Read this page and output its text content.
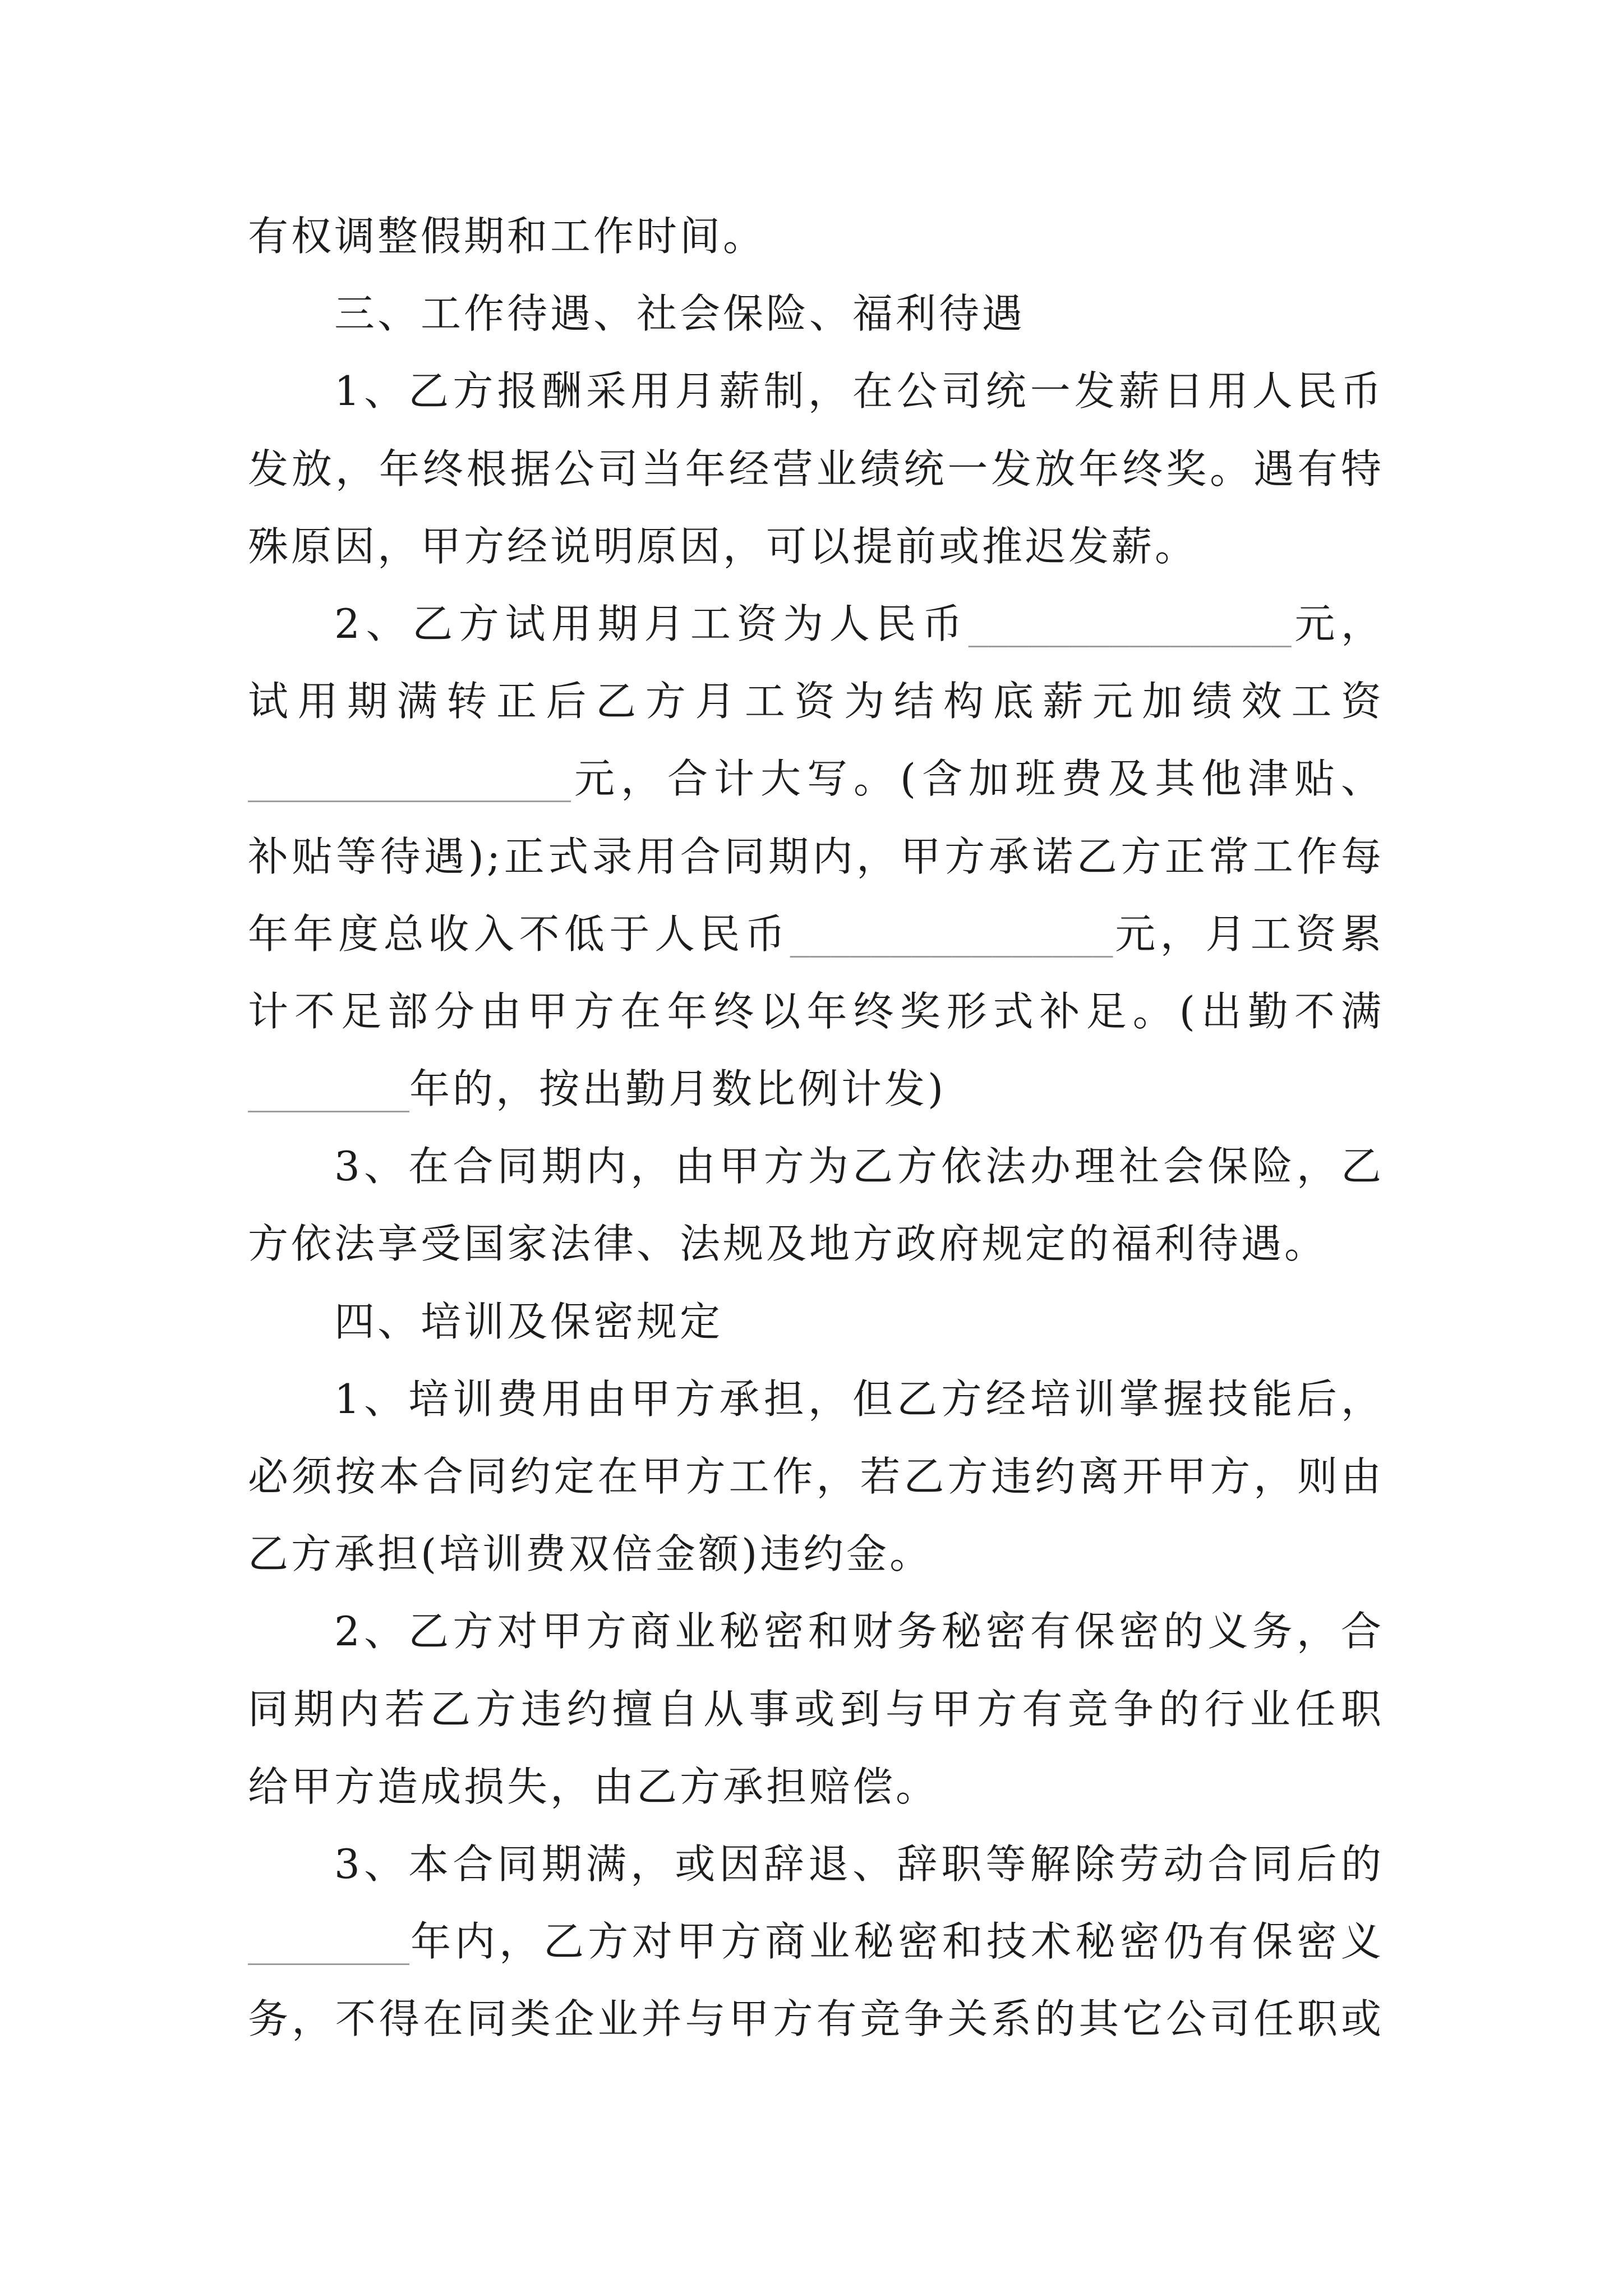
有权调整假期和工作时间。
三、工作待遇、社会保险、福利待遇
1、乙方报酬采用月薪制，在公司统一发薪日用人民币
发放，年终根据公司当年经营业绩统一发放年终奖。遇有特
殊原因，甲方经说明原因，可以提前或推迟发薪。
2、乙方试用期月工资为人民币________________元，
试用期满转正后乙方月工资为结构底薪元加绩效工资
________________元，合计大写。(含加班费及其他津贴、
补贴等待遇);正式录用合同期内，甲方承诺乙方正常工作每
年年度总收入不低于人民币________________元，月工资累
计不足部分由甲方在年终以年终奖形式补足。(出勤不满
________年的，按出勤月数比例计发)
3、在合同期内，由甲方为乙方依法办理社会保险，乙
方依法享受国家法律、法规及地方政府规定的福利待遇。
四、培训及保密规定
1、培训费用由甲方承担，但乙方经培训掌握技能后，
必须按本合同约定在甲方工作，若乙方违约离开甲方，则由
乙方承担(培训费双倍金额)违约金。
2、乙方对甲方商业秘密和财务秘密有保密的义务，合
同期内若乙方违约擅自从事或到与甲方有竞争的行业任职
给甲方造成损失，由乙方承担赔偿。
3、本合同期满，或因辞退、辞职等解除劳动合同后的
________年内，乙方对甲方商业秘密和技术秘密仍有保密义
务，不得在同类企业并与甲方有竞争关系的其它公司任职或
